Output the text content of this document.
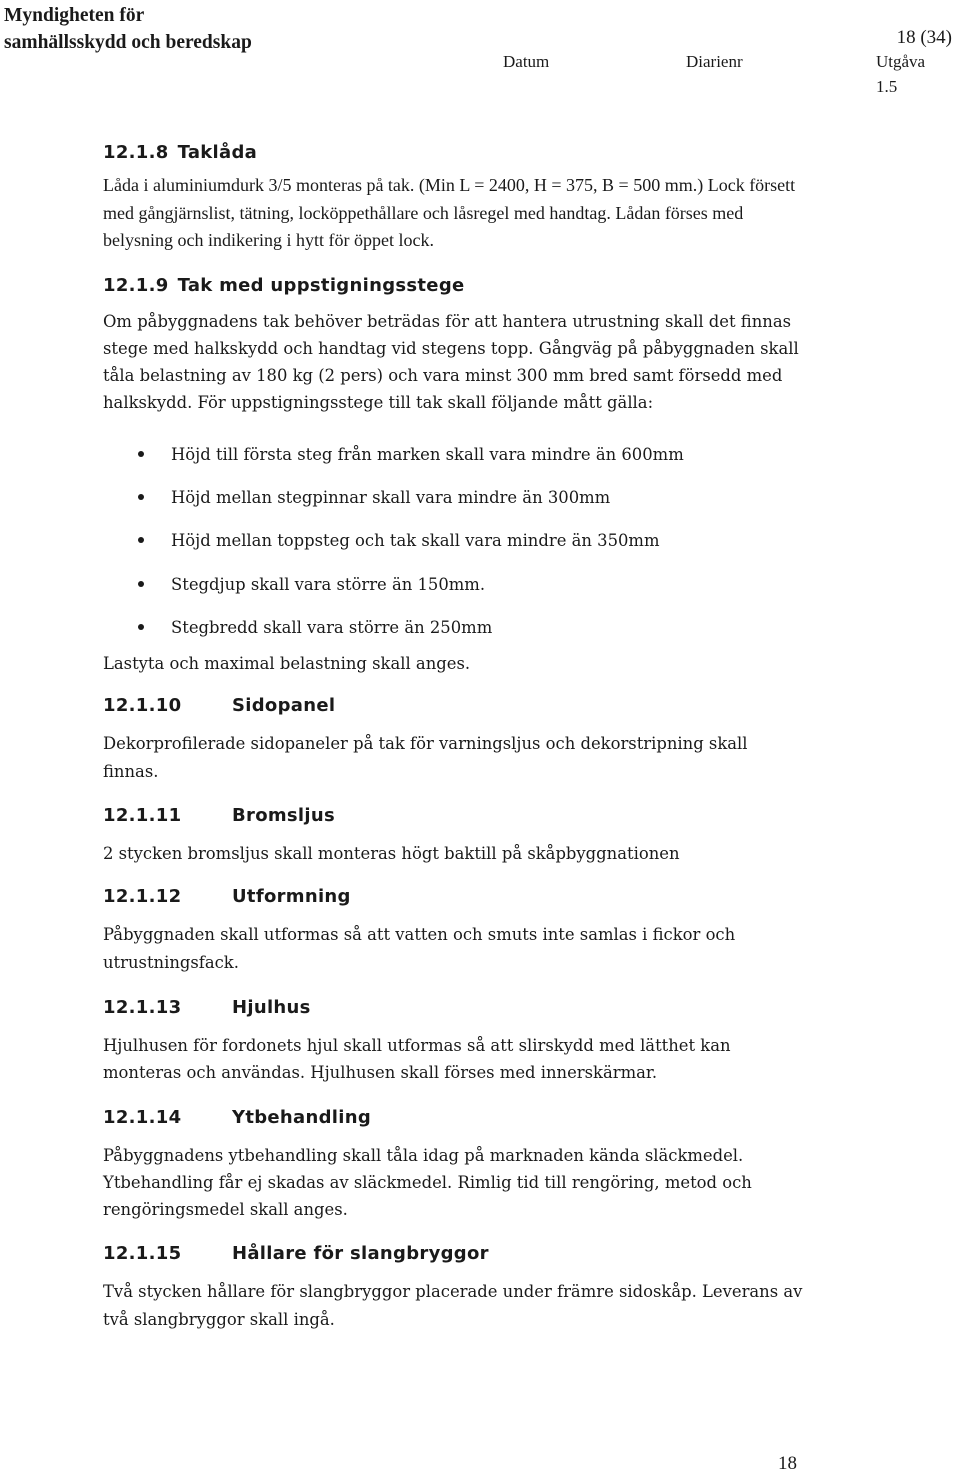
Myndigheten för
samhällsskydd och beredskap	18 (34)
Datum	Diarienr	Utgåva
1.5
12.1.8 Taklåda

Låda i aluminiumdurk 3/5 monteras på tak. (Min L = 2400, H = 375, B = 500 mm.) Lock försett med gångjärnslist, tätning, locköppethållare och låsregel med handtag. Lådan förses med belysning och indikering i hytt för öppet lock.

12.1.9 Tak med uppstigningsstege

Om påbyggnadens tak behöver beträdas för att hantera utrustning skall det finnas stege med halkskydd och handtag vid stegens topp. Gångväg på påbyggnaden skall tåla belastning av 180 kg (2 pers) och vara minst 300 mm bred samt försedd med halkskydd. För uppstigningsstege till tak skall följande mått gälla:

Höjd till första steg från marken skall vara mindre än 600mm
Höjd mellan stegpinnar skall vara mindre än 300mm
Höjd mellan toppsteg och tak skall vara mindre än 350mm
Stegdjup skall vara större än 150mm.
Stegbredd skall vara större än 250mm

Lastyta och maximal belastning skall anges.

12.1.10	Sidopanel

Dekorprofilerade sidopaneler på tak för varningsljus och dekorstripning skall finnas.

12.1.11	Bromsljus

2 stycken bromsljus skall monteras högt baktill på skåpbyggnationen

12.1.12	Utformning

Påbyggnaden skall utformas så att vatten och smuts inte samlas i fickor och utrustningsfack.

12.1.13	Hjulhus

Hjulhusen för fordonets hjul skall utformas så att slirskydd med lätthet kan monteras och användas. Hjulhusen skall förses med innerskärmar.

12.1.14	Ytbehandling

Påbyggnadens ytbehandling skall tåla idag på marknaden kända släckmedel. Ytbehandling får ej skadas av släckmedel. Rimlig tid till rengöring, metod och rengöringsmedel skall anges.

12.1.15	Hållare för slangbryggor

Två stycken hållare för slangbryggor placerade under främre sidoskåp. Leverans av två slangbryggor skall ingå.

18
